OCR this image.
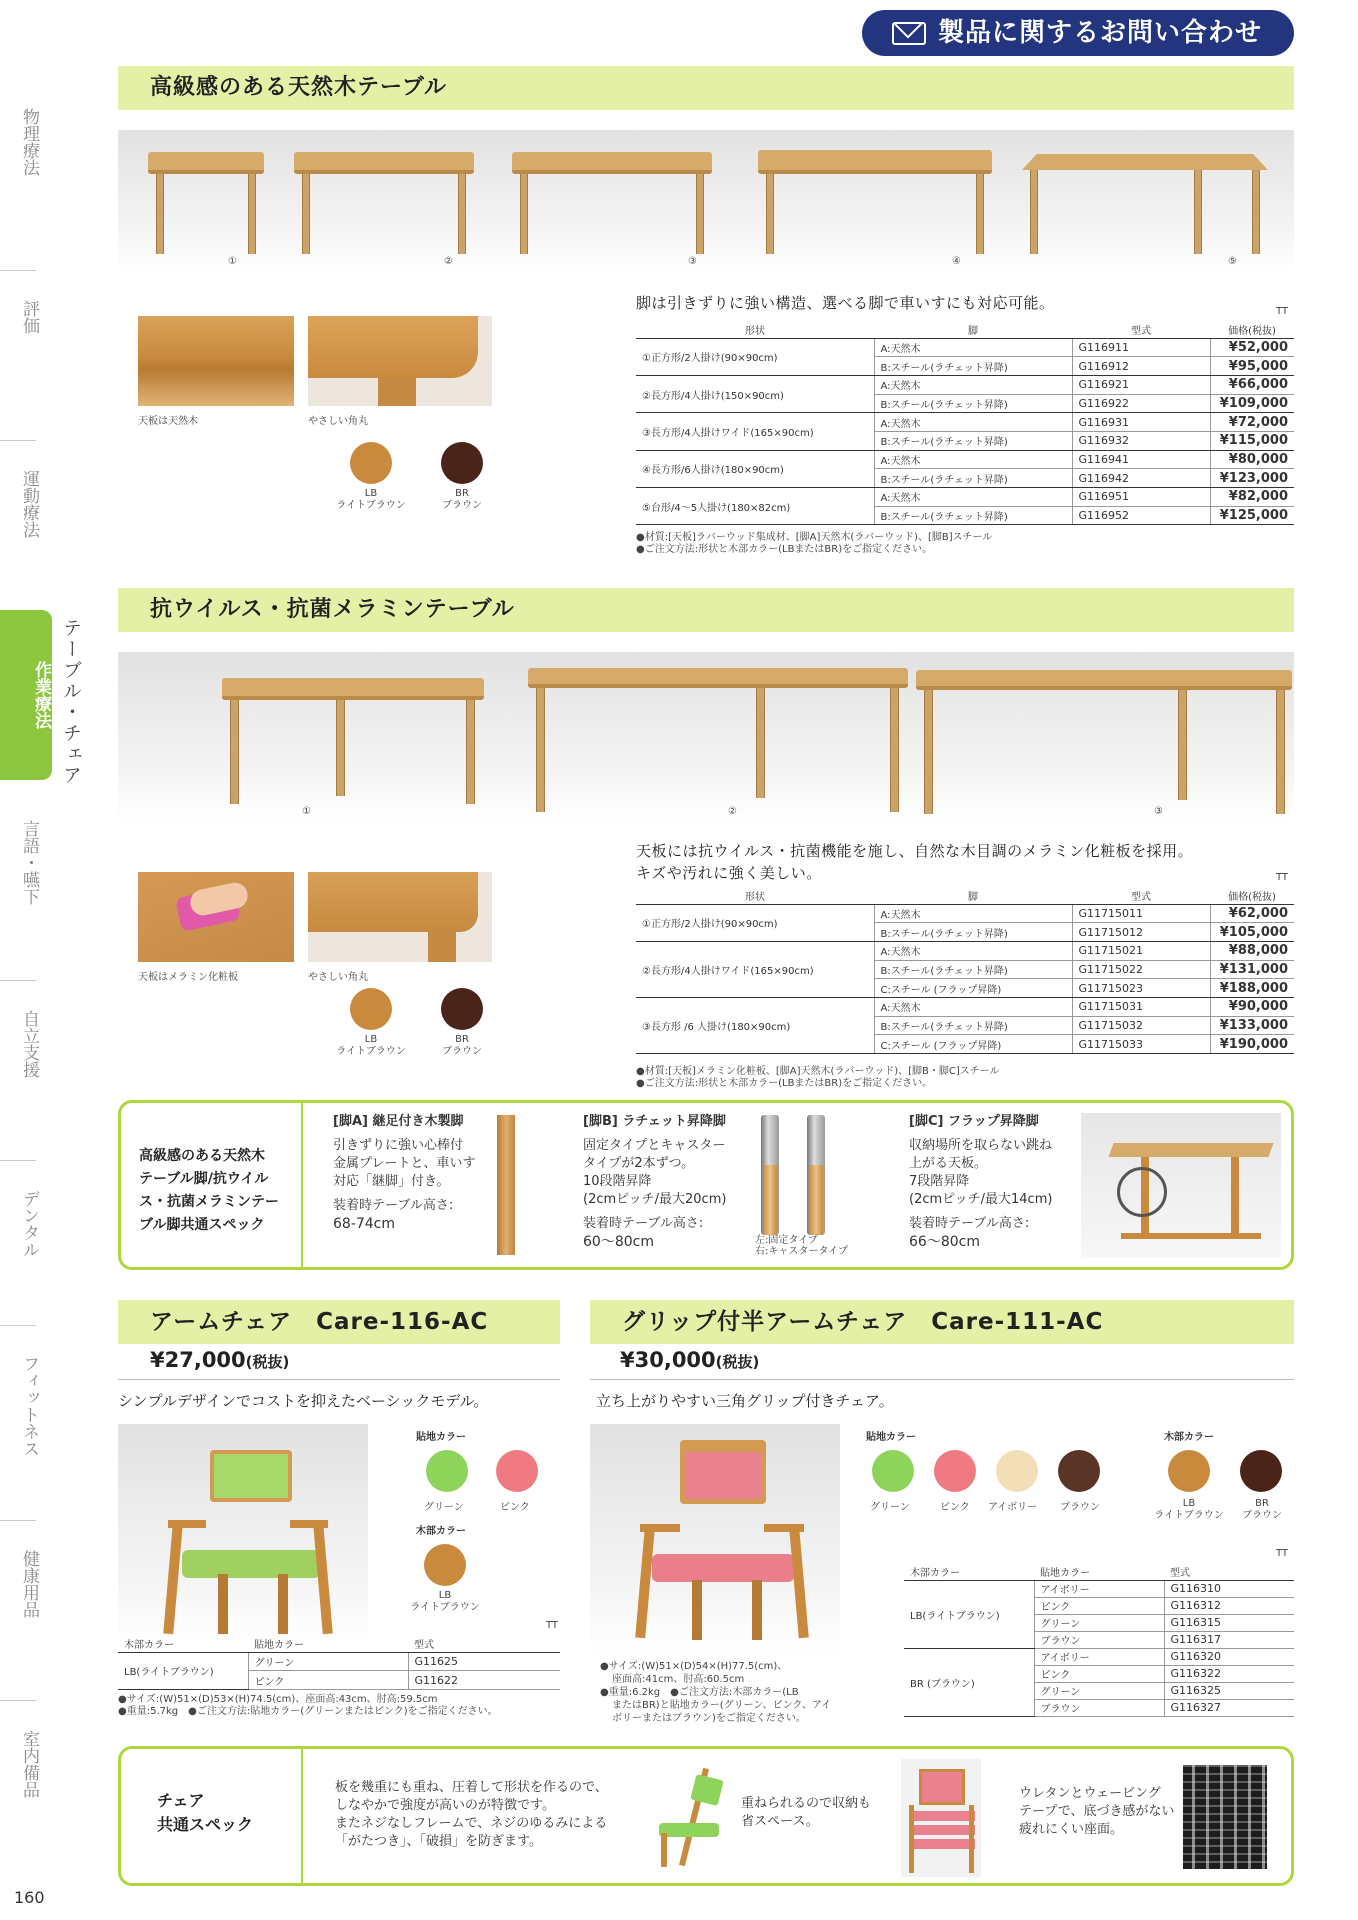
製品に関するお問い合わせ
物理療法
評価
運動療法
作業療法
言語・嚥下
自立支援
デンタル
フィットネス
健康用品
室内備品
テーブル・チェア
160
高級感のある天然木テーブル
①	②	③	④	⑤
天板は天然木	やさしい角丸
LB
ライトブラウン
BR
ブラウン
脚は引きずりに強い構造、選べる脚で車いすにも対応可能。	TT
形状	脚	型式	価格(税抜)
①正方形/2人掛け(90×90cm)	A:天然木	G116911	¥52,000
	B:スチール(ラチェット昇降)	G116912	¥95,000
②長方形/4人掛け(150×90cm)	A:天然木	G116921	¥66,000
	B:スチール(ラチェット昇降)	G116922	¥109,000
③長方形/4人掛けワイド(165×90cm)	A:天然木	G116931	¥72,000
	B:スチール(ラチェット昇降)	G116932	¥115,000
④長方形/6人掛け(180×90cm)	A:天然木	G116941	¥80,000
	B:スチール(ラチェット昇降)	G116942	¥123,000
⑤台形/4〜5人掛け(180×82cm)	A:天然木	G116951	¥82,000
	B:スチール(ラチェット昇降)	G116952	¥125,000
●材質:[天板]ラバーウッド集成材、[脚A]天然木(ラバーウッド)、[脚B]スチール
●ご注文方法:形状と木部カラー(LBまたはBR)をご指定ください。
抗ウイルス・抗菌メラミンテーブル
①	②	③
天板はメラミン化粧板	やさしい角丸
LB
ライトブラウン
BR
ブラウン
天板には抗ウイルス・抗菌機能を施し、自然な木目調のメラミン化粧板を採用。
キズや汚れに強く美しい。	TT
形状	脚	型式	価格(税抜)
①正方形/2人掛け(90×90cm)	A:天然木	G11715011	¥62,000
	B:スチール(ラチェット昇降)	G11715012	¥105,000
②長方形/4人掛けワイド(165×90cm)	A:天然木	G11715021	¥88,000
	B:スチール(ラチェット昇降)	G11715022	¥131,000
	C:スチール (フラップ昇降)	G11715023	¥188,000
③長方形 /6 人掛け(180×90cm)	A:天然木	G11715031	¥90,000
	B:スチール(ラチェット昇降)	G11715032	¥133,000
	C:スチール (フラップ昇降)	G11715033	¥190,000
●材質:[天板]メラミン化粧板、[脚A]天然木(ラバーウッド)、[脚B・脚C]スチール
●ご注文方法:形状と木部カラー(LBまたはBR)をご指定ください。
高級感のある天然木
テーブル脚/抗ウイル
ス・抗菌メラミンテー
ブル脚共通スペック
[脚A] 継足付き木製脚
引きずりに強い心棒付
金属プレートと、車いす
対応「継脚」付き。
装着時テーブル高さ:
68-74cm
[脚B] ラチェット昇降脚
固定タイプとキャスター
タイプが2本ずつ。
10段階昇降
(2cmピッチ/最大20cm)
装着時テーブル高さ:
60〜80cm	左:固定タイプ
右:キャスタータイプ
[脚C] フラップ昇降脚
収納場所を取らない跳ね
上がる天板。
7段階昇降
(2cmピッチ/最大14cm)
装着時テーブル高さ:
66〜80cm
アームチェア　Care-116-AC
¥27,000(税抜)
シンプルデザインでコストを抑えたベーシックモデル。
貼地カラー
グリーン	ピンク
木部カラー
LB
ライトブラウン
TT
木部カラー	貼地カラー	型式
LB(ライトブラウン)	グリーン	G11625
	ピンク	G11622
●サイズ:(W)51×(D)53×(H)74.5(cm)、座面高:43cm、肘高:59.5cm
●重量:5.7kg　●ご注文方法:貼地カラー(グリーンまたはピンク)をご指定ください。
グリップ付半アームチェア　Care-111-AC
¥30,000(税抜)
立ち上がりやすい三角グリップ付きチェア。
貼地カラー
グリーン	ピンク アイボリー ブラウン
木部カラー
LB
ライトブラウン
BR
ブラウン
●サイズ:(W)51×(D)54×(H)77.5(cm)、
座面高:41cm、肘高:60.5cm
●重量:6.2kg　●ご注文方法:木部カラー(LB
またはBR)と貼地カラー(グリーン、ピンク、アイ
ボリーまたはブラウン)をご指定ください。
TT
木部カラー	貼地カラー	型式
LB(ライトブラウン)	アイボリー	G116310
	ピンク	G116312
	グリーン	G116315
	ブラウン	G116317
BR (ブラウン)	アイボリー	G116320
	ピンク	G116322
	グリーン	G116325
	ブラウン	G116327
チェア
共通スペック
板を幾重にも重ね、圧着して形状を作るので、
しなやかで強度が高いのが特徴です。
またネジなしフレームで、ネジのゆるみによる
「がたつき」、「破損」を防ぎます。
重ねられるので収納も
省スペース。
ウレタンとウェービング
テープで、底づき感がない
疲れにくい座面。
